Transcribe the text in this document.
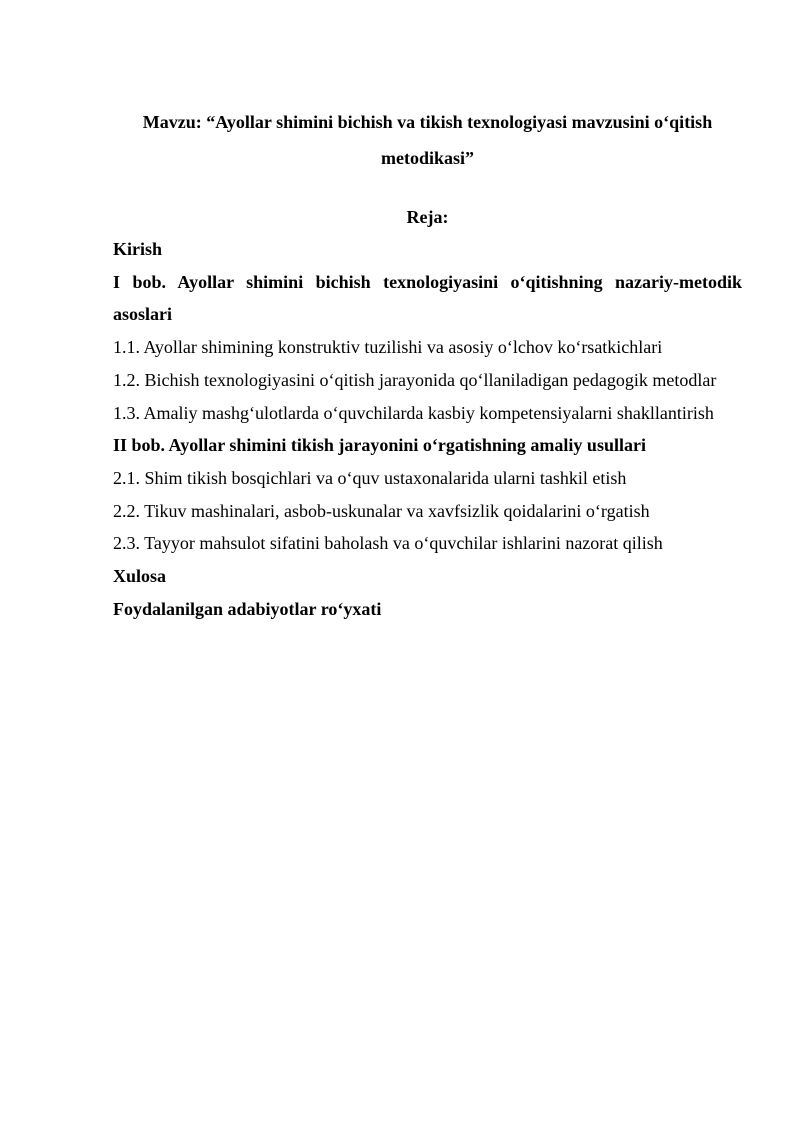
Mavzu: “Ayollar shimini bichish va tikish texnologiyasi mavzusini o‘qitish metodikasi”
Reja:
Kirish
I bob. Ayollar shimini bichish texnologiyasini o‘qitishning nazariy-metodik asoslari
1.1. Ayollar shimining konstruktiv tuzilishi va asosiy o‘lchov ko‘rsatkichlari
1.2. Bichish texnologiyasini o‘qitish jarayonida qo‘llaniladigan pedagogik metodlar
1.3. Amaliy mashg‘ulotlarda o‘quvchilarda kasbiy kompetensiyalarni shakllantirish
II bob. Ayollar shimini tikish jarayonini o‘rgatishning amaliy usullari
2.1. Shim tikish bosqichlari va o‘quv ustaxonalarida ularni tashkil etish
2.2. Tikuv mashinalari, asbob-uskunalar va xavfsizlik qoidalarini o‘rgatish
2.3. Tayyor mahsulot sifatini baholash va o‘quvchilar ishlarini nazorat qilish
Xulosa
Foydalanilgan adabiyotlar ro‘yxati
